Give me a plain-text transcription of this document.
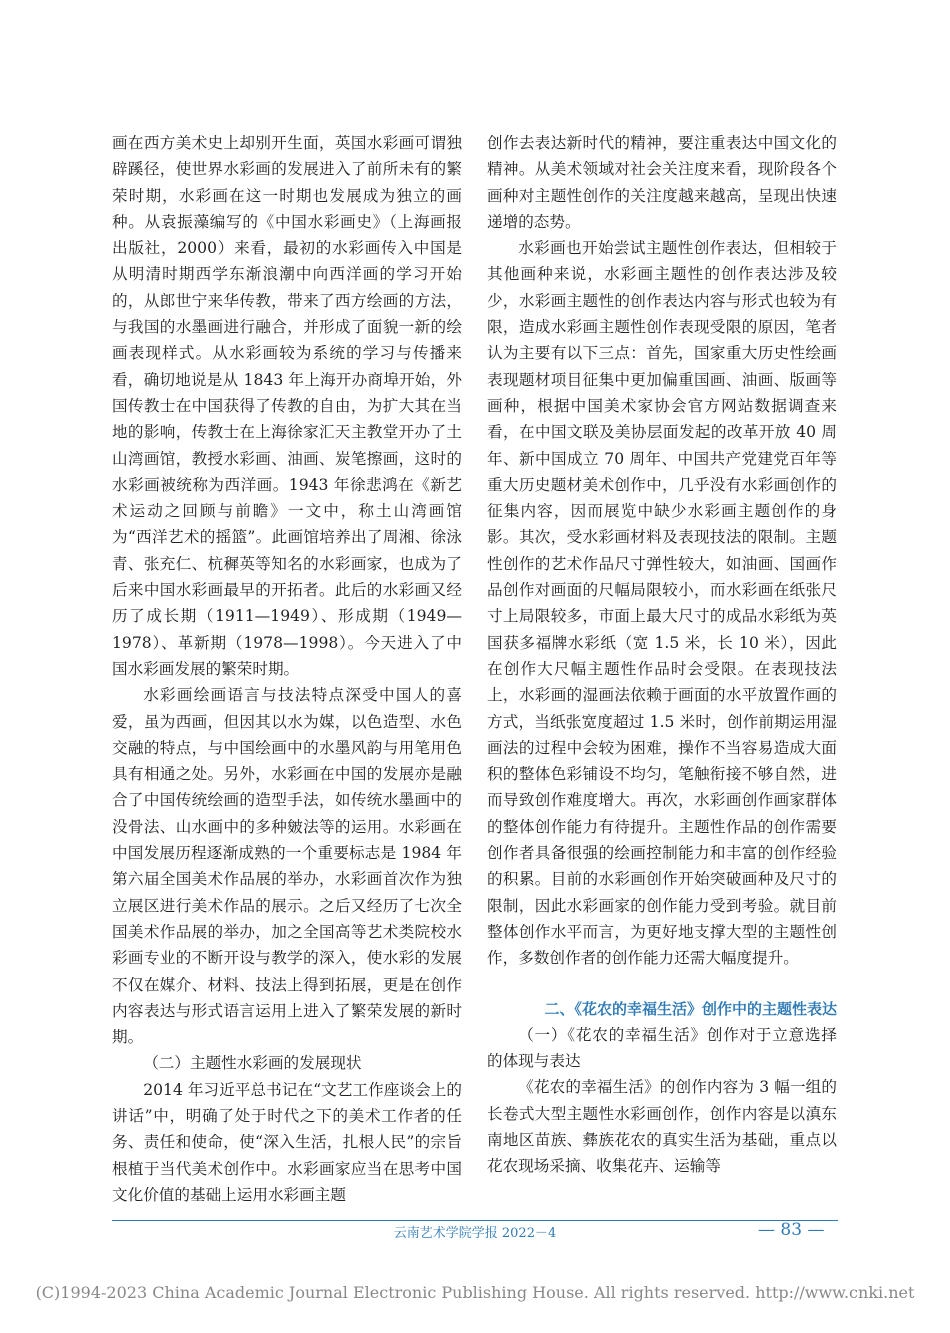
画在西方美术史上却别开生面，英国水彩画可谓独辟蹊径，使世界水彩画的发展进入了前所未有的繁荣时期，水彩画在这一时期也发展成为独立的画种。从袁振藻编写的《中国水彩画史》（上海画报出版社，2000）来看，最初的水彩画传入中国是从明清时期西学东渐浪潮中向西洋画的学习开始的，从郎世宁来华传教，带来了西方绘画的方法，与我国的水墨画进行融合，并形成了面貌一新的绘画表现样式。从水彩画较为系统的学习与传播来看，确切地说是从 1843 年上海开办商埠开始，外国传教士在中国获得了传教的自由，为扩大其在当地的影响，传教士在上海徐家汇天主教堂开办了土山湾画馆，教授水彩画、油画、炭笔擦画，这时的水彩画被统称为西洋画。1943 年徐悲鸿在《新艺术运动之回顾与前瞻》一文中，称土山湾画馆为“西洋艺术的摇篮”。此画馆培养出了周湘、徐泳青、张充仁、杭穉英等知名的水彩画家，也成为了后来中国水彩画最早的开拓者。此后的水彩画又经历了成长期（1911—1949）、形成期（1949—1978）、革新期（1978—1998）。今天进入了中国水彩画发展的繁荣时期。

水彩画绘画语言与技法特点深受中国人的喜爱，虽为西画，但因其以水为媒，以色造型、水色交融的特点，与中国绘画中的水墨风韵与用笔用色具有相通之处。另外，水彩画在中国的发展亦是融合了中国传统绘画的造型手法，如传统水墨画中的没骨法、山水画中的多种皴法等的运用。水彩画在中国发展历程逐渐成熟的一个重要标志是 1984 年第六届全国美术作品展的举办，水彩画首次作为独立展区进行美术作品的展示。之后又经历了七次全国美术作品展的举办，加之全国高等艺术类院校水彩画专业的不断开设与教学的深入，使水彩的发展不仅在媒介、材料、技法上得到拓展，更是在创作内容表达与形式语言运用上进入了繁荣发展的新时期。

（二）主题性水彩画的发展现状

2014 年习近平总书记在“文艺工作座谈会上的讲话”中，明确了处于时代之下的美术工作者的任务、责任和使命，使“深入生活，扎根人民”的宗旨根植于当代美术创作中。水彩画家应当在思考中国文化价值的基础上运用水彩画主题

创作去表达新时代的精神，要注重表达中国文化的精神。从美术领域对社会关注度来看，现阶段各个画种对主题性创作的关注度越来越高，呈现出快速递增的态势。

水彩画也开始尝试主题性创作表达，但相较于其他画种来说，水彩画主题性的创作表达涉及较少，水彩画主题性的创作表达内容与形式也较为有限，造成水彩画主题性创作表现受限的原因，笔者认为主要有以下三点：首先，国家重大历史性绘画表现题材项目征集中更加偏重国画、油画、版画等画种，根据中国美术家协会官方网站数据调查来看，在中国文联及美协层面发起的改革开放 40 周年、新中国成立 70 周年、中国共产党建党百年等重大历史题材美术创作中，几乎没有水彩画创作的征集内容，因而展览中缺少水彩画主题创作的身影。其次，受水彩画材料及表现技法的限制。主题性创作的艺术作品尺寸弹性较大，如油画、国画作品创作对画面的尺幅局限较小，而水彩画在纸张尺寸上局限较多，市面上最大尺寸的成品水彩纸为英国获多福牌水彩纸（宽 1.5 米，长 10 米），因此在创作大尺幅主题性作品时会受限。在表现技法上，水彩画的湿画法依赖于画面的水平放置作画的方式，当纸张宽度超过 1.5 米时，创作前期运用湿画法的过程中会较为困难，操作不当容易造成大面积的整体色彩铺设不均匀，笔触衔接不够自然，进而导致创作难度增大。再次，水彩画创作画家群体的整体创作能力有待提升。主题性作品的创作需要创作者具备很强的绘画控制能力和丰富的创作经验的积累。目前的水彩画创作开始突破画种及尺寸的限制，因此水彩画家的创作能力受到考验。就目前整体创作水平而言，为更好地支撑大型的主题性创作，多数创作者的创作能力还需大幅度提升。

二、《花农的幸福生活》创作中的主题性表达

（一）《花农的幸福生活》创作对于立意选择的体现与表达

《花农的幸福生活》的创作内容为 3 幅一组的长卷式大型主题性水彩画创作，创作内容是以滇东南地区苗族、彝族花农的真实生活为基础，重点以花农现场采摘、收集花卉、运输等

云南艺术学院学报 2022－4	— 83 —
(C)1994-2023 China Academic Journal Electronic Publishing House. All rights reserved. http://www.cnki.net
